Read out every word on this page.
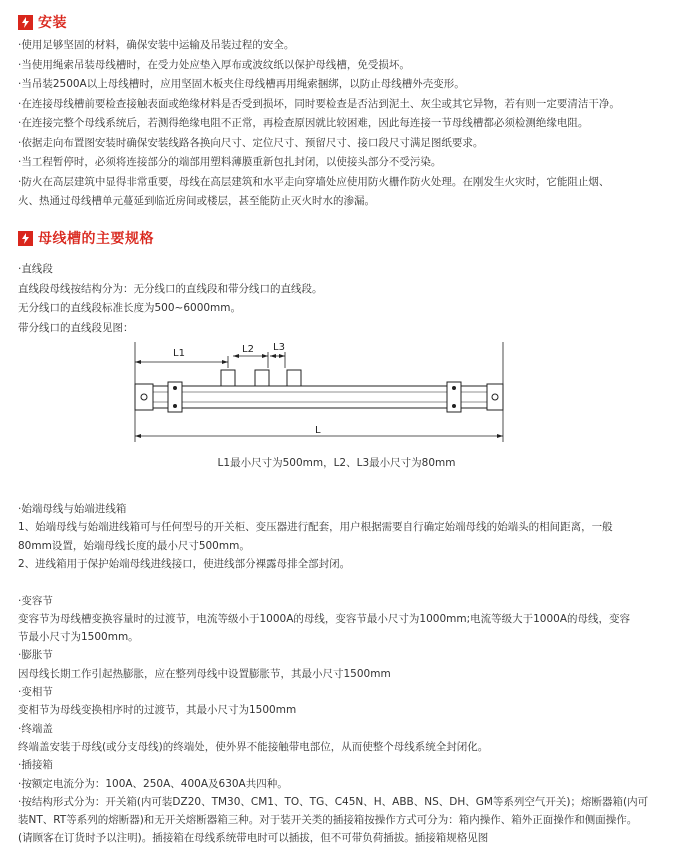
安装
·使用足够坚固的材料，确保安装中运输及吊装过程的安全。
·当使用绳索吊装母线槽时，在受力处应垫入厚布或波纹纸以保护母线槽，免受损坏。
·当吊装2500A以上母线槽时，应用坚固木板夹住母线槽再用绳索捆绑，以防止母线槽外壳变形。
·在连接母线槽前要检查接触表面或绝缘材料是否受到损坏，同时要检查是否沾到泥土、灰尘或其它异物，若有则一定要清洁干净。
·在连接完整个母线系统后，若测得绝缘电阻不正常，再检查原因就比较困难，因此每连接一节母线槽都必须检测绝缘电阻。
·依据走向布置图安装时确保安装线路各换向尺寸、定位尺寸、预留尺寸、接口段尺寸满足图纸要求。
·当工程暂停时，必须将连接部分的端部用塑料薄膜重新包扎封闭，以使接头部分不受污染。
·防火在高层建筑中显得非常重要，母线在高层建筑和水平走向穿墙处应使用防火栅作防火处理。在刚发生火灾时，它能阻止烟、
火、热通过母线槽单元蔓延到临近房间或楼层，甚至能防止灭火时水的渗漏。
母线槽的主要规格
·直线段
直线段母线按结构分为：无分线口的直线段和带分线口的直线段。
无分线口的直线段标准长度为500~6000mm。
带分线口的直线段见图：
L1	L2 L3
L
L1最小尺寸为500mm，L2、L3最小尺寸为80mm
·始端母线与始端进线箱
1、始端母线与始端进线箱可与任何型号的开关柜、变压器进行配套，用户根据需要自行确定始端母线的始端头的相间距离，一般
80mm设置，始端母线长度的最小尺寸500mm。
2、进线箱用于保护始端母线进线接口，使进线部分裸露母排全部封闭。
·变容节
变容节为母线槽变换容量时的过渡节，电流等级小于1000A的母线，变容节最小尺寸为1000mm;电流等级大于1000A的母线，变容
节最小尺寸为1500mm。
·膨胀节
因母线长期工作引起热膨胀，应在整列母线中设置膨胀节，其最小尺寸1500mm
·变相节
变相节为母线变换相序时的过渡节，其最小尺寸为1500mm
·终端盖
终端盖安装于母线(或分支母线)的终端处，使外界不能接触带电部位，从而使整个母线系统全封闭化。
·插接箱
·按额定电流分为：100A、250A、400A及630A共四种。
·按结构形式分为：开关箱(内可装DZ20、TM30、CM1、TO、TG、C45N、H、ABB、NS、DH、GM等系列空气开关)；熔断器箱(内可
装NT、RT等系列的熔断器)和无开关熔断器箱三种。对于装开关类的插接箱按操作方式可分为：箱内操作、箱外正面操作和侧面操作。
(请顾客在订货时予以注明)。插接箱在母线系统带电时可以插拔，但不可带负荷插拔。插接箱规格见图
